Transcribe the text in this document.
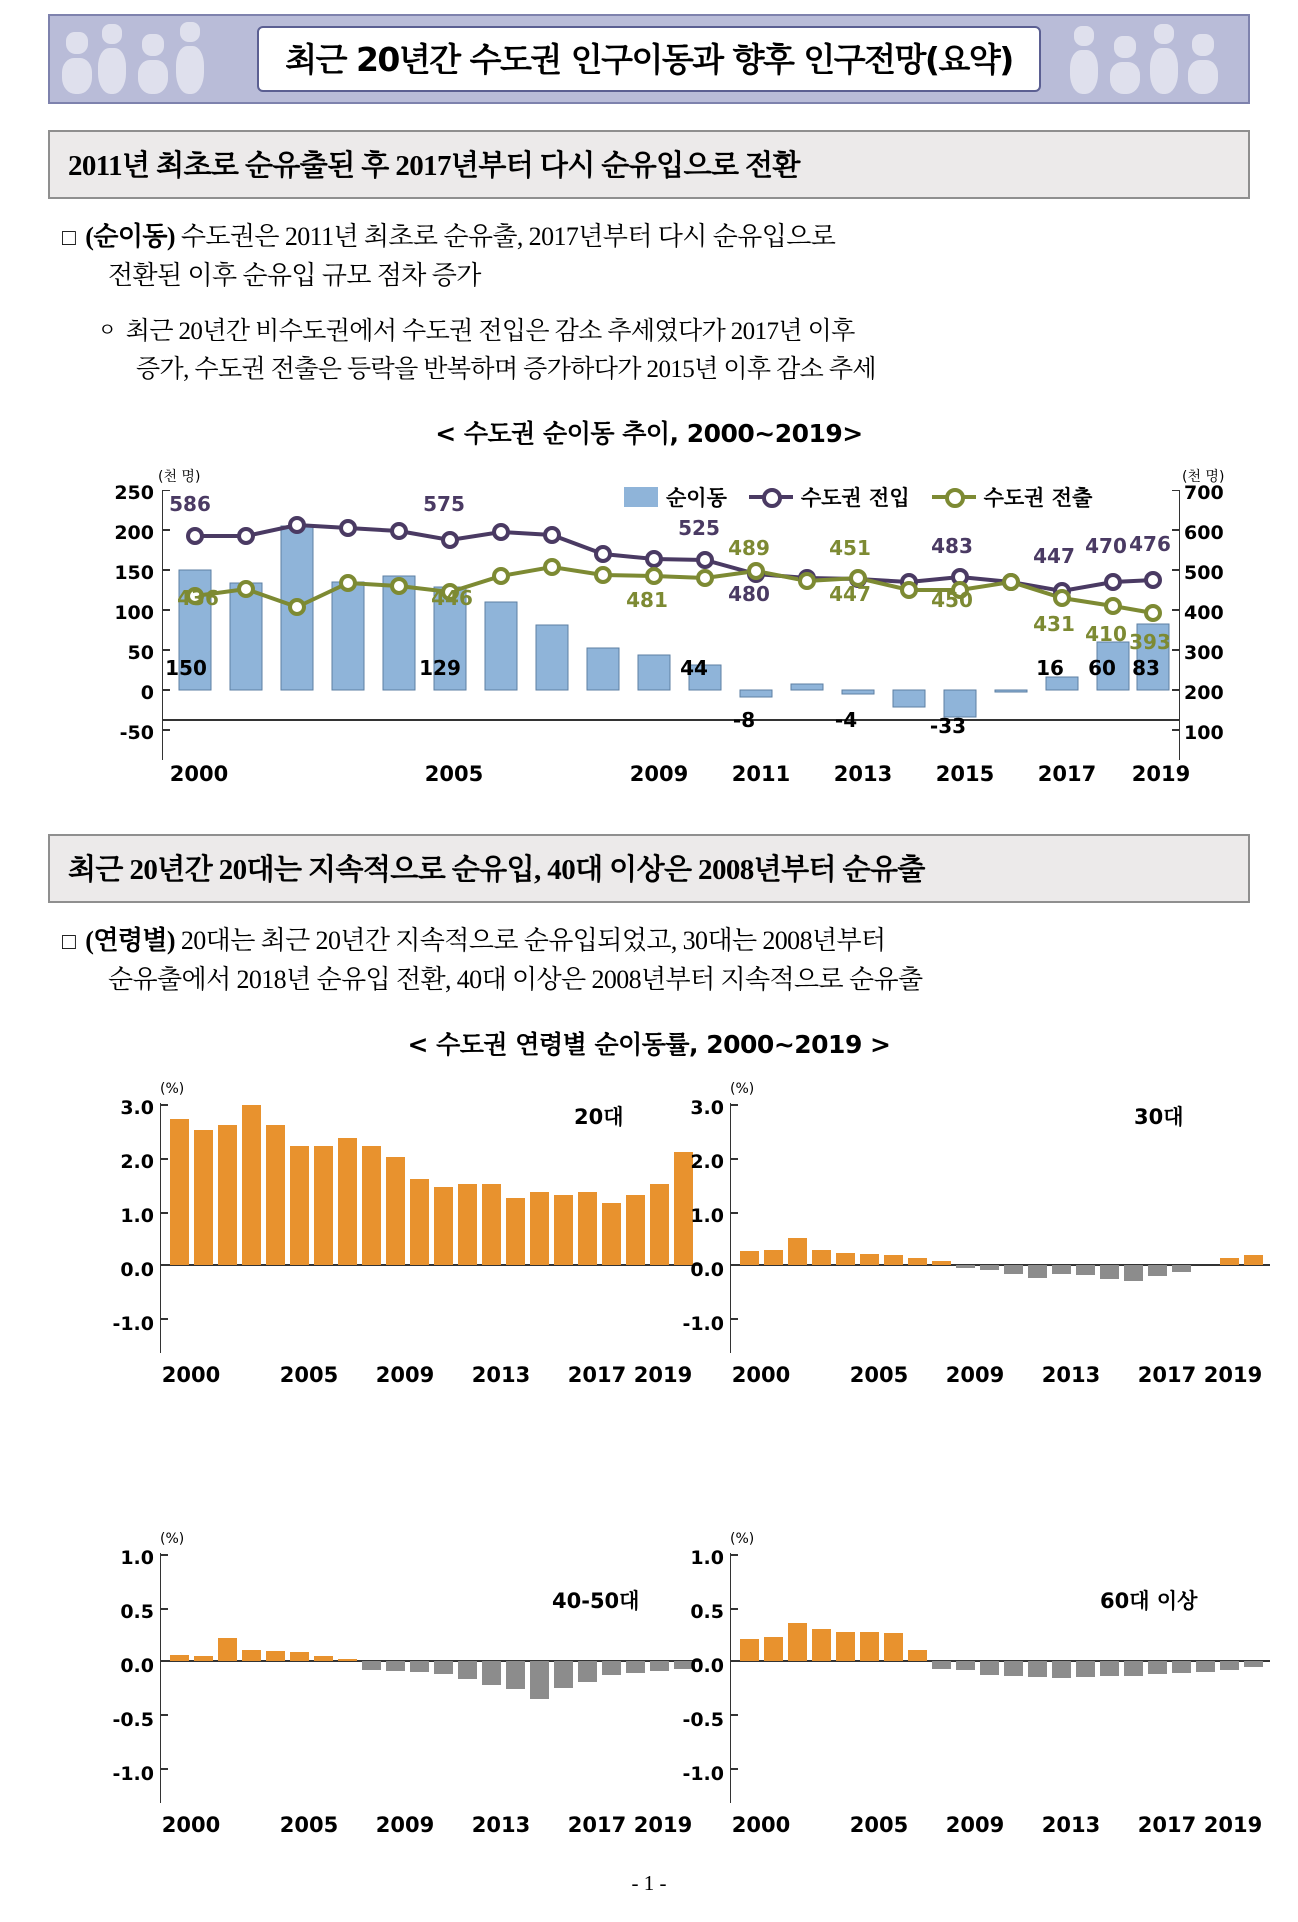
최근 20년간 수도권 인구이동과 향후 인구전망(요약)
2011년 최초로 순유출된 후 2017년부터 다시 순유입으로 전환
□ (순이동) 수도권은 2011년 최초로 순유출, 2017년부터 다시 순유입으로
전환된 이후 순유입 규모 점차 증가
ㅇ 최근 20년간 비수도권에서 수도권 전입은 감소 추세였다가 2017년 이후
증가, 수도권 전출은 등락을 반복하며 증가하다가 2015년 이후 감소 추세
< 수도권 순이동 추이, 2000~2019>
(천 명)	(천 명)
순이동	수도권 전입	수도권 전출
250
200
150
100
50
0
-50
700
600
500
400
300
200
100
586	575
525
489
480
481
436	446
451
447
483
450
447 470 476
431 410 393
150	129	44
-8	-4	-33
16	60 83
2000	2005	2009	2011	2013	2015	2017	2019
최근 20년간 20대는 지속적으로 순유입, 40대 이상은 2008년부터 순유출
□ (연령별) 20대는 최근 20년간 지속적으로 순유입되었고, 30대는 2008년부터
순유출에서 2018년 순유입 전환, 40대 이상은 2008년부터 지속적으로 순유출
< 수도권 연령별 순이동률, 2000~2019 >
(%)
20대
3.0
2.0
1.0
0.0
-1.0
2000	2005	2009	2013	2017 2019
(%)
30대
3.0
2.0
1.0
0.0
-1.0
2000	2005	2009	2013	2017 2019
(%)
40-50대
1.0
0.5
0.0
-0.5
-1.0
2000	2005	2009	2013	2017 2019
(%)
60대 이상
1.0
0.5
0.0
-0.5
-1.0
2000	2005	2009	2013	2017 2019
- 1 -
